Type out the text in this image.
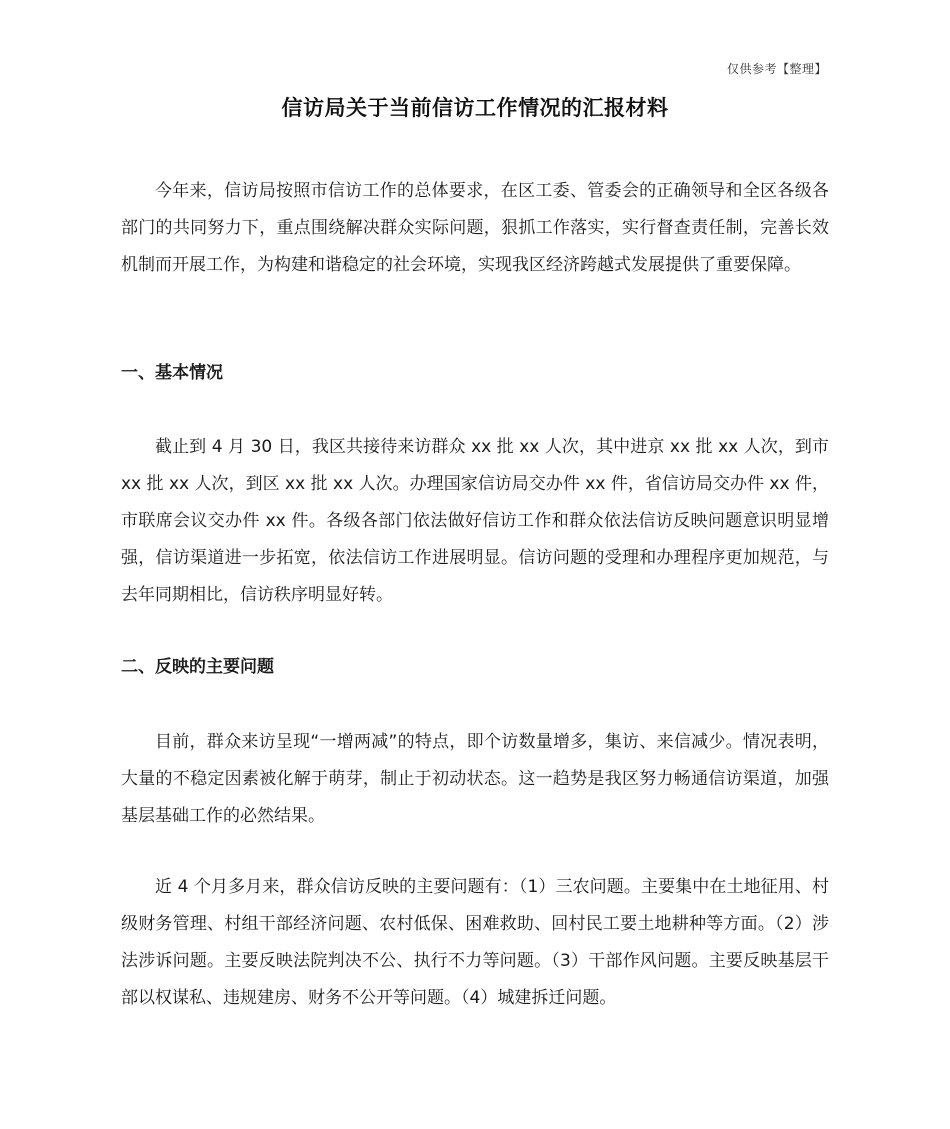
仅供参考【整理】
信访局关于当前信访工作情况的汇报材料

今年来，信访局按照市信访工作的总体要求，在区工委、管委会的正确领导和全区各级各部门的共同努力下，重点围绕解决群众实际问题，狠抓工作落实，实行督查责任制，完善长效机制而开展工作，为构建和谐稳定的社会环境，实现我区经济跨越式发展提供了重要保障。

一、基本情况

截止到 4 月 30 日，我区共接待来访群众 xx 批 xx 人次，其中进京 xx 批 xx 人次，到市 xx 批 xx 人次，到区 xx 批 xx 人次。办理国家信访局交办件 xx 件，省信访局交办件 xx 件，市联席会议交办件 xx 件。各级各部门依法做好信访工作和群众依法信访反映问题意识明显增强，信访渠道进一步拓宽，依法信访工作进展明显。信访问题的受理和办理程序更加规范，与去年同期相比，信访秩序明显好转。

二、反映的主要问题

目前，群众来访呈现“一增两减”的特点，即个访数量增多，集访、来信减少。情况表明，大量的不稳定因素被化解于萌芽，制止于初动状态。这一趋势是我区努力畅通信访渠道，加强基层基础工作的必然结果。

近 4 个月多月来，群众信访反映的主要问题有：（1）三农问题。主要集中在土地征用、村级财务管理、村组干部经济问题、农村低保、困难救助、回村民工要土地耕种等方面。（2）涉法涉诉问题。主要反映法院判决不公、执行不力等问题。（3）干部作风问题。主要反映基层干部以权谋私、违规建房、财务不公开等问题。（4）城建拆迁问题。
